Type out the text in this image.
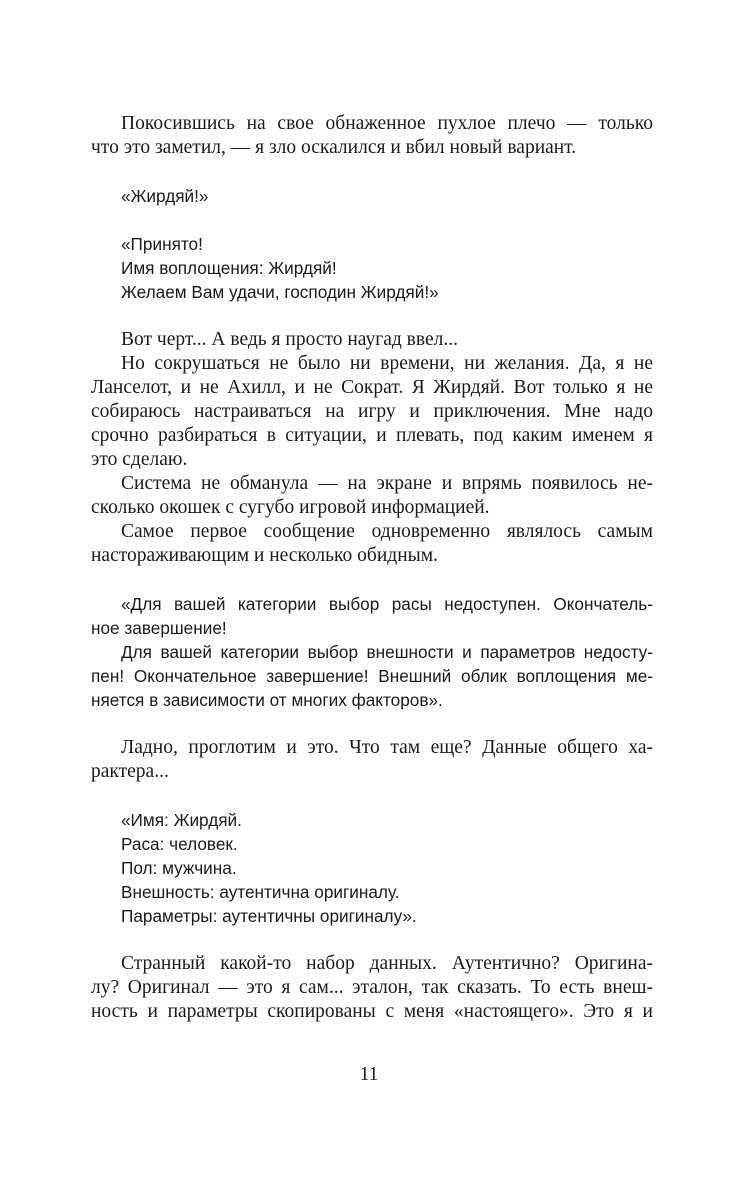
Покосившись на свое обнаженное пухлое плечо — только
что это заметил, — я зло оскалился и вбил новый вариант.
«Жирдяй!»
«Принято!
Имя воплощения: Жирдяй!
Желаем Вам удачи, господин Жирдяй!»
Вот черт... А ведь я просто наугад ввел...
Но сокрушаться не было ни времени, ни желания. Да, я не
Ланселот, и не Ахилл, и не Сократ. Я Жирдяй. Вот только я не
собираюсь настраиваться на игру и приключения. Мне надо
срочно разбираться в ситуации, и плевать, под каким именем я
это сделаю.
Система не обманула — на экране и впрямь появилось не-
сколько окошек с сугубо игровой информацией.
Самое первое сообщение одновременно являлось самым
настораживающим и несколько обидным.
«Для вашей категории выбор расы недоступен. Окончатель-
ное завершение!
Для вашей категории выбор внешности и параметров недосту-
пен! Окончательное завершение! Внешний облик воплощения ме-
няется в зависимости от многих факторов».
Ладно, проглотим и это. Что там еще? Данные общего ха-
рактера...
«Имя: Жирдяй.
Раса: человек.
Пол: мужчина.
Внешность: аутентична оригиналу.
Параметры: аутентичны оригиналу».
Странный какой-то набор данных. Аутентично? Оригина-
лу? Оригинал — это я сам... эталон, так сказать. То есть внеш-
ность и параметры скопированы с меня «настоящего». Это я и
11
